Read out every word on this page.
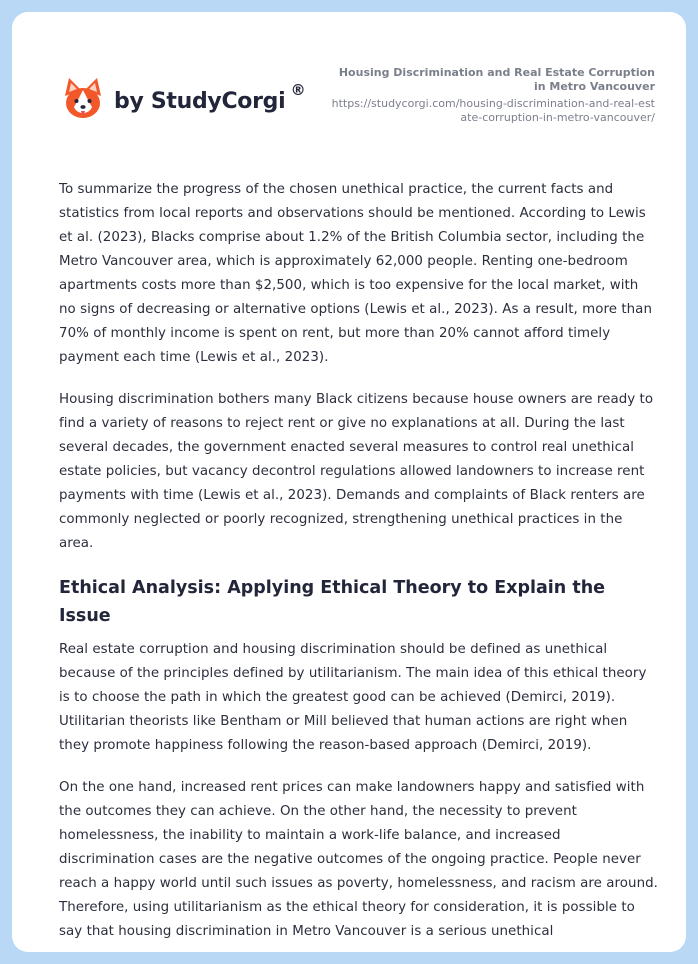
by StudyCorgi ®
Housing Discrimination and Real Estate Corruption in Metro Vancouver
https://studycorgi.com/housing-discrimination-and-real-estate-corruption-in-metro-vancouver/

To summarize the progress of the chosen unethical practice, the current facts and statistics from local reports and observations should be mentioned. According to Lewis et al. (2023), Blacks comprise about 1.2% of the British Columbia sector, including the Metro Vancouver area, which is approximately 62,000 people. Renting one-bedroom apartments costs more than $2,500, which is too expensive for the local market, with no signs of decreasing or alternative options (Lewis et al., 2023). As a result, more than 70% of monthly income is spent on rent, but more than 20% cannot afford timely payment each time (Lewis et al., 2023).

Housing discrimination bothers many Black citizens because house owners are ready to find a variety of reasons to reject rent or give no explanations at all. During the last several decades, the government enacted several measures to control real unethical estate policies, but vacancy decontrol regulations allowed landowners to increase rent payments with time (Lewis et al., 2023). Demands and complaints of Black renters are commonly neglected or poorly recognized, strengthening unethical practices in the area.

Ethical Analysis: Applying Ethical Theory to Explain the Issue

Real estate corruption and housing discrimination should be defined as unethical because of the principles defined by utilitarianism. The main idea of this ethical theory is to choose the path in which the greatest good can be achieved (Demirci, 2019). Utilitarian theorists like Bentham or Mill believed that human actions are right when they promote happiness following the reason-based approach (Demirci, 2019).

On the one hand, increased rent prices can make landowners happy and satisfied with the outcomes they can achieve. On the other hand, the necessity to prevent homelessness, the inability to maintain a work-life balance, and increased discrimination cases are the negative outcomes of the ongoing practice. People never reach a happy world until such issues as poverty, homelessness, and racism are around. Therefore, using utilitarianism as the ethical theory for consideration, it is possible to say that housing discrimination in Metro Vancouver is a serious unethical
